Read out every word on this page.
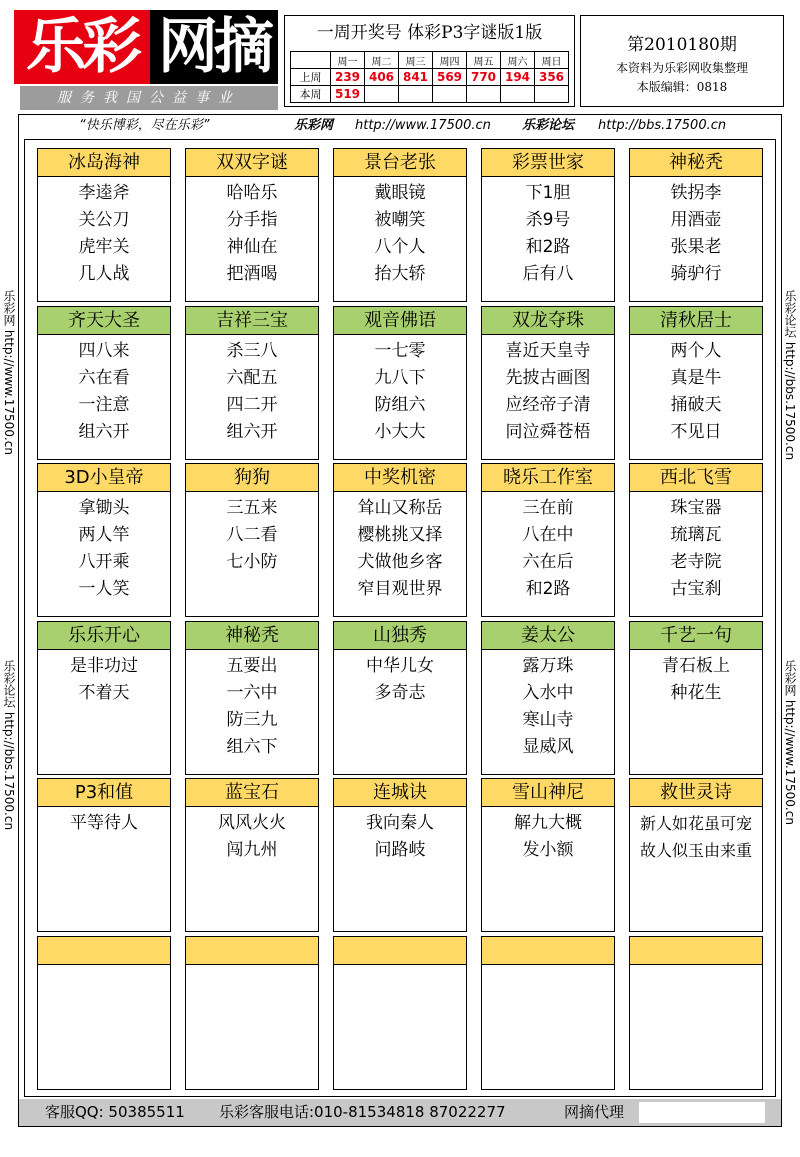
乐彩 网摘
服务我国公益事业
一周开奖号 体彩P3字谜版1版
	周一	周二	周三	周四	周五	周六	周日
上周	239	406	841	569	770	194	356
本周	519						
第2010180期
本资料为乐彩网收集整理
本版编辑：0818
乐彩网 http://www.17500.cn
乐彩论坛 http://bbs.17500.cn
乐彩论坛 http://bbs.17500.cn
乐彩网 http://www.17500.cn
“快乐博彩，尽在乐彩”	乐彩网 http://www.17500.cn 乐彩论坛 http://bbs.17500.cn
冰岛海神
李逵斧
关公刀
虎牢关
几人战
双双字谜
哈哈乐
分手指
神仙在
把酒喝
景台老张
戴眼镜
被嘲笑
八个人
抬大轿
彩票世家
下1胆
杀9号
和2路
后有八
神秘秃
铁拐李
用酒壶
张果老
骑驴行
齐天大圣
四八来
六在看
一注意
组六开
吉祥三宝
杀三八
六配五
四二开
组六开
观音佛语
一七零
九八下
防组六
小大大
双龙夺珠
喜近天皇寺
先披古画图
应经帝子清
同泣舜苍梧
清秋居士
两个人
真是牛
捅破天
不见日
3D小皇帝
拿锄头
两人竿
八开乘
一人笑
狗狗
三五来
八二看
七小防
中奖机密
耸山又称岳
樱桃挑又择
犬做他乡客
窄目观世界
晓乐工作室
三在前
八在中
六在后
和2路
西北飞雪
珠宝器
琉璃瓦
老寺院
古宝刹
乐乐开心
是非功过
不着天
神秘秃
五要出
一六中
防三九
组六下
山独秀
中华儿女
多奇志
姜太公
露万珠
入水中
寒山寺
显威风
千艺一句
青石板上
种花生
P3和值
平等待人
蓝宝石
风风火火
闯九州
连城诀
我向秦人
问路岐
雪山神尼
解九大概
发小额
救世灵诗
新人如花虽可宠
故人似玉由来重
客服QQ: 50385511 乐彩客服电话:010-81534818 87022277	网摘代理
